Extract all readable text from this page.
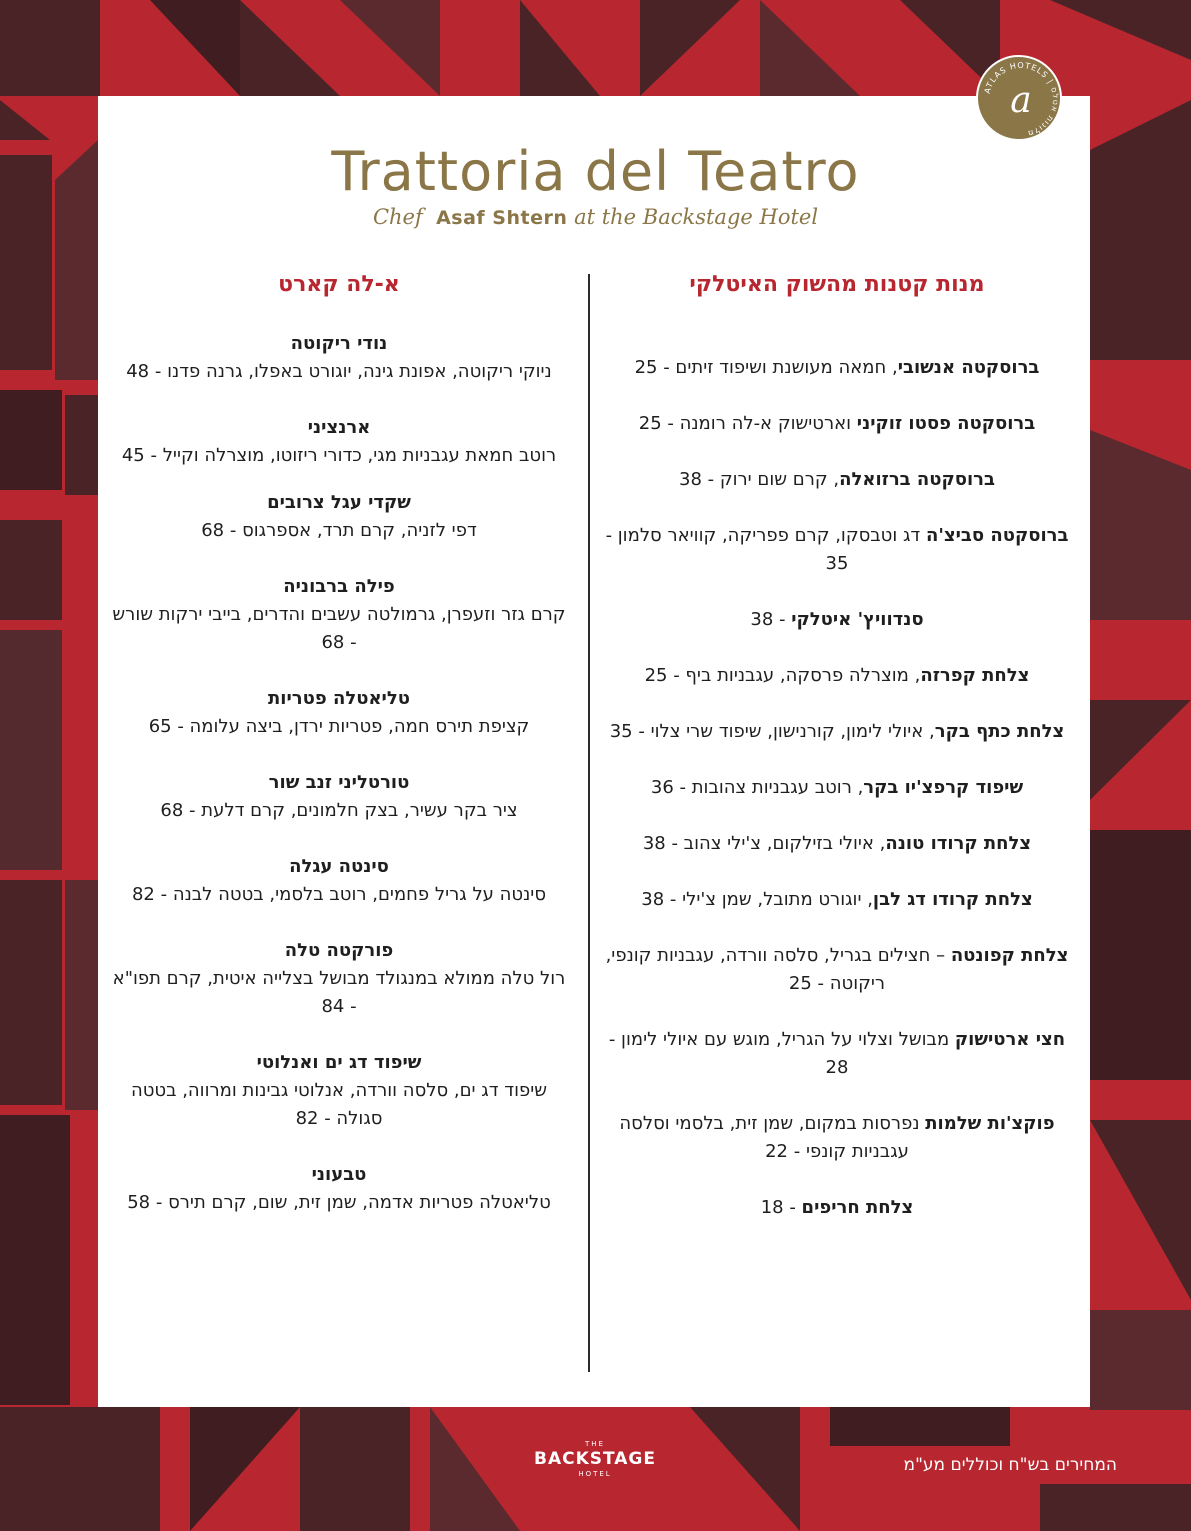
ATLAS HOTELS | מלונות אטלס
a
Trattoria del Teatro
Chef Asaf Shtern at the Backstage Hotel
מנות קטנות מהשוק האיטלקי
ברוסקטה אנשובי, חמאה מעושנת ושיפוד זיתים - 25
ברוסקטה פסטו זוקיני וארטישוק א-לה רומנה - 25
ברוסקטה ברזואלה, קרם שום ירוק - 38
ברוסקטה סביצ'ה דג וטבסקו, קרם פפריקה, קוויאר סלמון - 35
סנדוויץ' איטלקי - 38
צלחת קפרזה, מוצרלה פרסקה, עגבניות ביף - 25
צלחת כתף בקר, איולי לימון, קורנישון, שיפוד שרי צלוי - 35
שיפוד קרפצ'יו בקר, רוטב עגבניות צהובות - 36
צלחת קרודו טונה, איולי בזילקום, צ'ילי צהוב - 38
צלחת קרודו דג לבן, יוגורט מתובל, שמן צ'ילי - 38
צלחת קפונטה – חצילים בגריל, סלסה וורדה, עגבניות קונפי, ריקוטה - 25
חצי ארטישוק מבושל וצלוי על הגריל, מוגש עם איולי לימון - 28
פוקצ'ות שלמות נפרסות במקום, שמן זית, בלסמי וסלסה עגבניות קונפי - 22
צלחת חריפים - 18
א-לה קארט
נודי ריקוטה
ניוקי ריקוטה, אפונת גינה, יוגורט באפלו, גרנה פדנו - 48
ארנציני
רוטב חמאת עגבניות מגי, כדורי ריזוטו, מוצרלה וקייל - 45
שקדי עגל צרובים
דפי לזניה, קרם תרד, אספרגוס - 68
פילה ברבוניה
קרם גזר וזעפרן, גרמולטה עשבים והדרים, בייבי ירקות שורש - 68
טליאטלה פטריות
קציפת תירס חמה, פטריות ירדן, ביצה עלומה - 65
טורטליני זנב שור
ציר בקר עשיר, בצק חלמונים, קרם דלעת - 68
סינטה עגלה
סינטה על גריל פחמים, רוטב בלסמי, בטטה לבנה - 82
פורקטה טלה
רול טלה ממולא במנגולד מבושל בצלייה איטית, קרם תפו"א - 84
שיפוד דג ים ואנלוטי
שיפוד דג ים, סלסה וורדה, אנלוטי גבינות ומרווה, בטטה סגולה - 82
טבעוני
טליאטלה פטריות אדמה, שמן זית, שום, קרם תירס - 58
THE
BACKSTAGE
HOTEL	המחירים בש"ח וכוללים מע"מ
